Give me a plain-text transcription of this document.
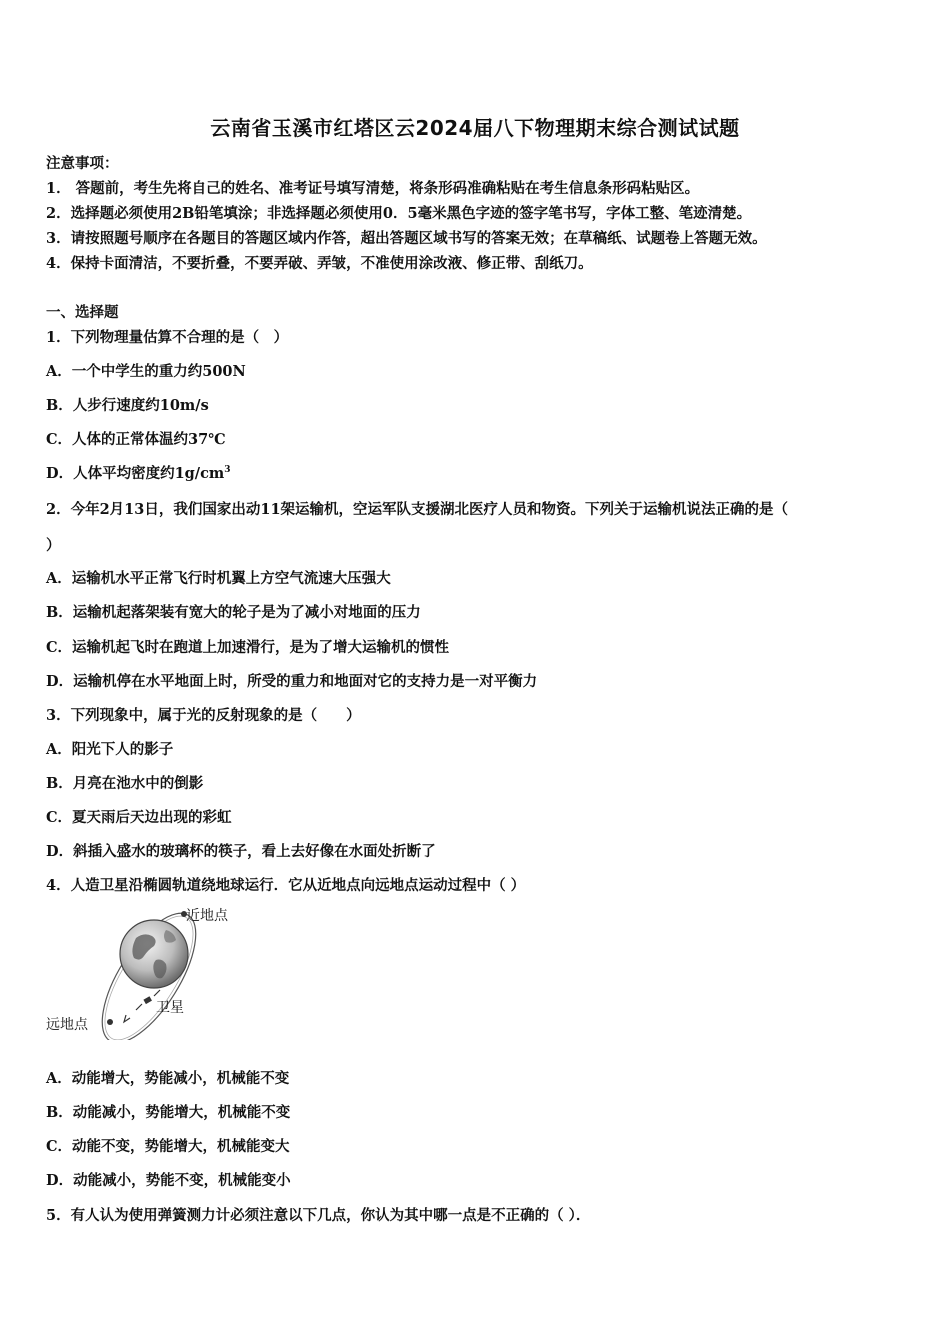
云南省玉溪市红塔区云2024届八下物理期末综合测试试题
注意事项：
1． 答题前，考生先将自己的姓名、准考证号填写清楚，将条形码准确粘贴在考生信息条形码粘贴区。
2．选择题必须使用2B铅笔填涂；非选择题必须使用0．5毫米黑色字迹的签字笔书写，字体工整、笔迹清楚。
3．请按照题号顺序在各题目的答题区域内作答，超出答题区域书写的答案无效；在草稿纸、试题卷上答题无效。
4．保持卡面清洁，不要折叠，不要弄破、弄皱，不准使用涂改液、修正带、刮纸刀。
一、选择题
1．下列物理量估算不合理的是（　）
A．一个中学生的重力约500N
B．人步行速度约10m/s
C．人体的正常体温约37℃
D．人体平均密度约$1g/cm^3$
2．今年2月13日，我们国家出动11架运输机，空运军队支援湖北医疗人员和物资。下列关于运输机说法正确的是（
）
A．运输机水平正常飞行时机翼上方空气流速大压强大
B．运输机起落架装有宽大的轮子是为了减小对地面的压力
C．运输机起飞时在跑道上加速滑行，是为了增大运输机的惯性
D．运输机停在水平地面上时，所受的重力和地面对它的支持力是一对平衡力
3．下列现象中，属于光的反射现象的是（　　）
A．阳光下人的影子
B．月亮在池水中的倒影
C．夏天雨后天边出现的彩虹
D．斜插入盛水的玻璃杯的筷子，看上去好像在水面处折断了
4．人造卫星沿椭圆轨道绕地球运行．它从近地点向远地点运动过程中（ ）
近地点
远地点
卫星
A．动能增大，势能减小，机械能不变
B．动能减小，势能增大，机械能不变
C．动能不变，势能增大，机械能变大
D．动能减小，势能不变，机械能变小
5．有人认为使用弹簧测力计必须注意以下几点，你认为其中哪一点是不正确的（ ）．
